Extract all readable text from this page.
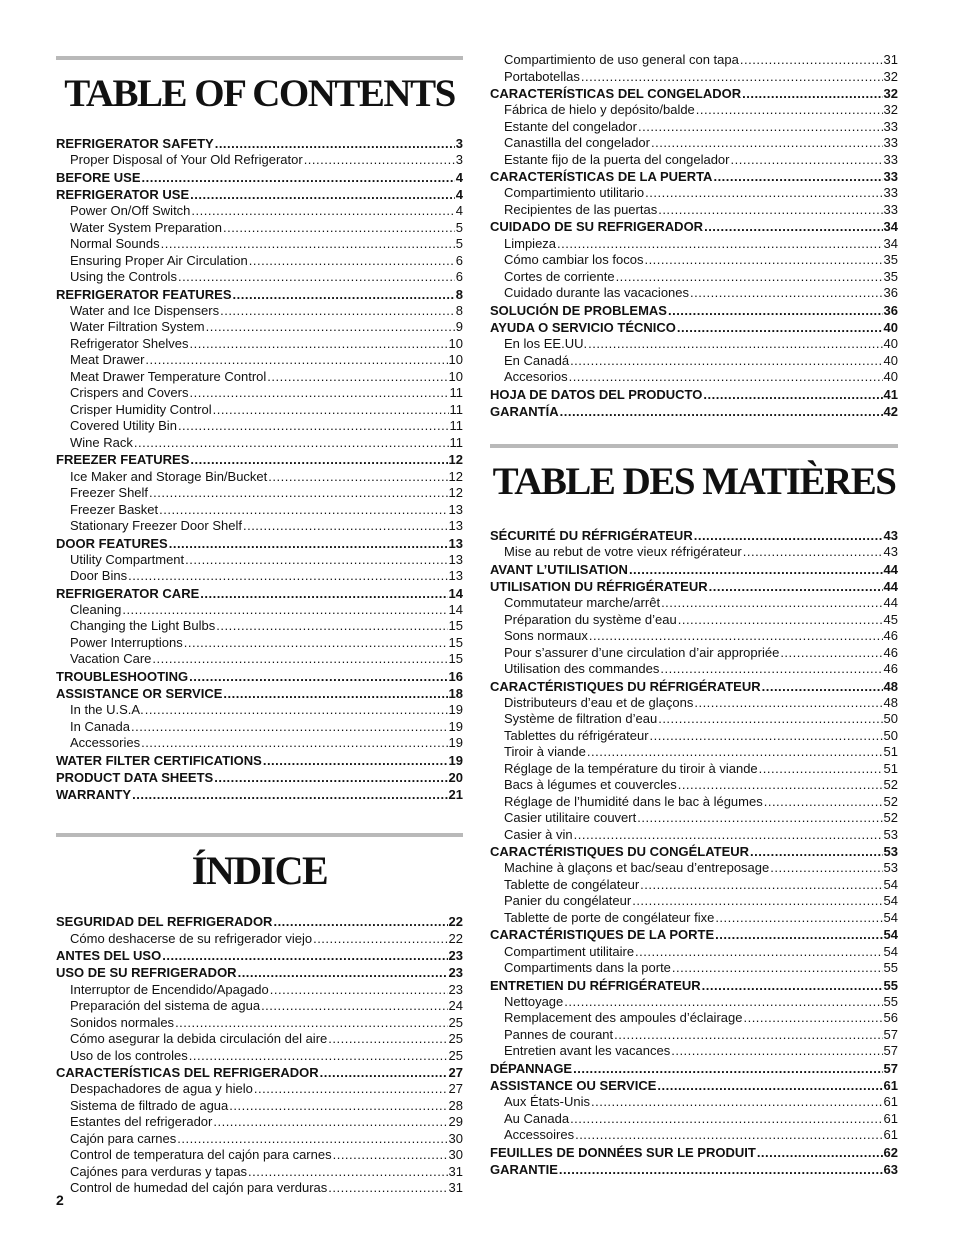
TABLE OF CONTENTS
REFRIGERATOR SAFETY .....	3
Proper Disposal of Your Old Refrigerator .....	3
BEFORE USE .....	4
REFRIGERATOR USE .....	4
Power On/Off Switch .....	4
Water System Preparation .....	5
Normal Sounds .....	5
Ensuring Proper Air Circulation .....	6
Using the Controls .....	6
REFRIGERATOR FEATURES .....	8
Water and Ice Dispensers .....	8
Water Filtration System .....	9
Refrigerator Shelves .....	10
Meat Drawer .....	10
Meat Drawer Temperature Control .....	10
Crispers and Covers .....	11
Crisper Humidity Control .....	11
Covered Utility Bin .....	11
Wine Rack .....	11
FREEZER FEATURES .....	12
Ice Maker and Storage Bin/Bucket .....	12
Freezer Shelf .....	12
Freezer Basket .....	13
Stationary Freezer Door Shelf .....	13
DOOR FEATURES .....	13
Utility Compartment .....	13
Door Bins .....	13
REFRIGERATOR CARE .....	14
Cleaning .....	14
Changing the Light Bulbs .....	15
Power Interruptions .....	15
Vacation Care .....	15
TROUBLESHOOTING .....	16
ASSISTANCE OR SERVICE .....	18
In the U.S.A. .....	19
In Canada .....	19
Accessories .....	19
WATER FILTER CERTIFICATIONS .....	19
PRODUCT DATA SHEETS .....	20
WARRANTY .....	21
ÍNDICE
SEGURIDAD DEL REFRIGERADOR .....	22
Cómo deshacerse de su refrigerador viejo .....	22
ANTES DEL USO .....	23
USO DE SU REFRIGERADOR .....	23
Interruptor de Encendido/Apagado .....	23
Preparación del sistema de agua .....	24
Sonidos normales .....	25
Cómo asegurar la debida circulación del aire .....	25
Uso de los controles .....	25
CARACTERÍSTICAS DEL REFRIGERADOR .....	27
Despachadores de agua y hielo .....	27
Sistema de filtrado de agua .....	28
Estantes del refrigerador .....	29
Cajón para carnes .....	30
Control de temperatura del cajón para carnes .....	30
Cajónes para verduras y tapas .....	31
Control de humedad del cajón para verduras .....	31
Compartimiento de uso general con tapa .....	31
Portabotellas .....	32
CARACTERÍSTICAS DEL CONGELADOR .....	32
Fábrica de hielo y depósito/balde .....	32
Estante del congelador .....	33
Canastilla del congelador .....	33
Estante fijo de la puerta del congelador .....	33
CARACTERÍSTICAS DE LA PUERTA .....	33
Compartimiento utilitario .....	33
Recipientes de las puertas .....	33
CUIDADO DE SU REFRIGERADOR .....	34
Limpieza .....	34
Cómo cambiar los focos .....	35
Cortes de corriente .....	35
Cuidado durante las vacaciones .....	36
SOLUCIÓN DE PROBLEMAS .....	36
AYUDA O SERVICIO TÉCNICO .....	40
En los EE.UU. .....	40
En Canadá .....	40
Accesorios .....	40
HOJA DE DATOS DEL PRODUCTO .....	41
GARANTÍA .....	42
TABLE DES MATIÈRES
SÉCURITÉ DU RÉFRIGÉRATEUR .....	43
Mise au rebut de votre vieux réfrigérateur .....	43
AVANT L’UTILISATION .....	44
UTILISATION DU RÉFRIGÉRATEUR .....	44
Commutateur marche/arrêt .....	44
Préparation du système d’eau .....	45
Sons normaux .....	46
Pour s’assurer d’une circulation d’air appropriée .....	46
Utilisation des commandes .....	46
CARACTÉRISTIQUES DU RÉFRIGÉRATEUR .....	48
Distributeurs d’eau et de glaçons .....	48
Système de filtration d’eau .....	50
Tablettes du réfrigérateur .....	50
Tiroir à viande .....	51
Réglage de la température du tiroir à viande .....	51
Bacs à légumes et couvercles .....	52
Réglage de l’humidité dans le bac à légumes .....	52
Casier utilitaire couvert .....	52
Casier à vin .....	53
CARACTÉRISTIQUES DU CONGÉLATEUR .....	53
Machine à glaçons et bac/seau d’entreposage .....	53
Tablette de congélateur .....	54
Panier du congélateur .....	54
Tablette de porte de congélateur fixe .....	54
CARACTÉRISTIQUES DE LA PORTE .....	54
Compartiment utilitaire .....	54
Compartiments dans la porte .....	55
ENTRETIEN DU RÉFRIGÉRATEUR .....	55
Nettoyage .....	55
Remplacement des ampoules d’éclairage .....	56
Pannes de courant .....	57
Entretien avant les vacances .....	57
DÉPANNAGE .....	57
ASSISTANCE OU SERVICE .....	61
Aux États-Unis .....	61
Au Canada .....	61
Accessoires .....	61
FEUILLES DE DONNÉES SUR LE PRODUIT .....	62
GARANTIE .....	63
2
